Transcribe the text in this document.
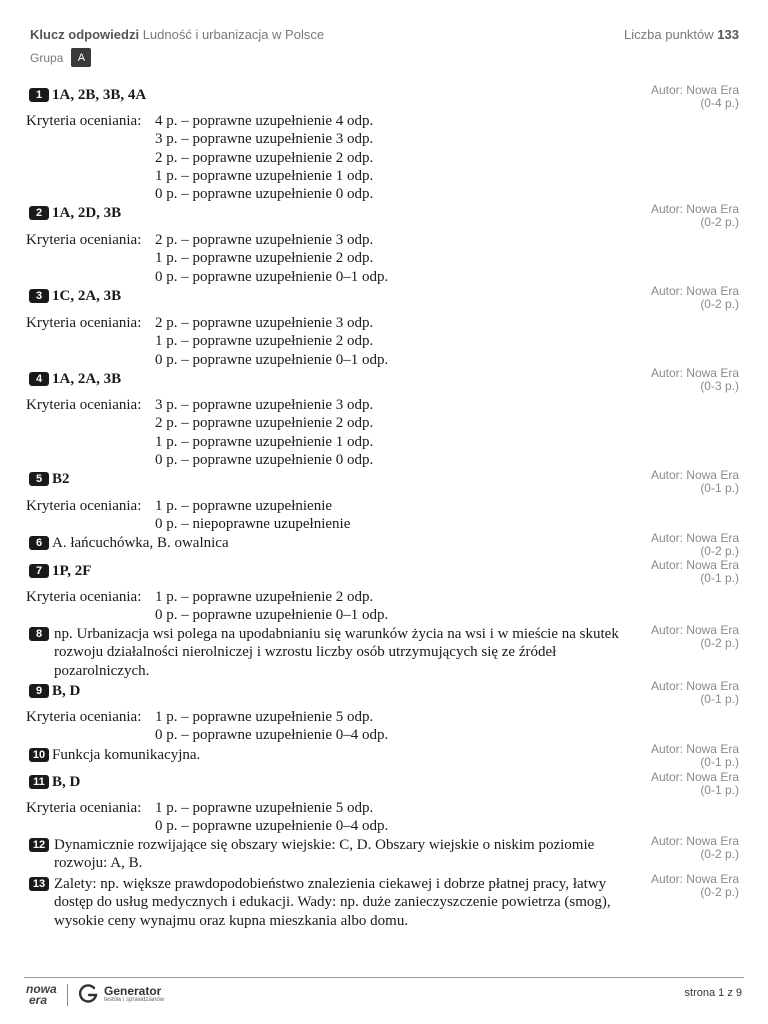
Klucz odpowiedzi Ludność i urbanizacja w Polsce	Liczba punktów 133
Grupa	A
1 1A, 2B, 3B, 4A	Autor: Nowa Era
(0-4 p.)
Kryteria oceniania: 4 p. – poprawne uzupełnienie 4 odp.
3 p. – poprawne uzupełnienie 3 odp.
2 p. – poprawne uzupełnienie 2 odp.
1 p. – poprawne uzupełnienie 1 odp.
0 p. – poprawne uzupełnienie 0 odp.
2 1A, 2D, 3B	Autor: Nowa Era
(0-2 p.)
Kryteria oceniania: 2 p. – poprawne uzupełnienie 3 odp.
1 p. – poprawne uzupełnienie 2 odp.
0 p. – poprawne uzupełnienie 0–1 odp.
3 1C, 2A, 3B	Autor: Nowa Era
(0-2 p.)
Kryteria oceniania: 2 p. – poprawne uzupełnienie 3 odp.
1 p. – poprawne uzupełnienie 2 odp.
0 p. – poprawne uzupełnienie 0–1 odp.
4 1A, 2A, 3B	Autor: Nowa Era
(0-3 p.)
Kryteria oceniania: 3 p. – poprawne uzupełnienie 3 odp.
2 p. – poprawne uzupełnienie 2 odp.
1 p. – poprawne uzupełnienie 1 odp.
0 p. – poprawne uzupełnienie 0 odp.
5 B2	Autor: Nowa Era
(0-1 p.)
Kryteria oceniania: 1 p. – poprawne uzupełnienie
0 p. – niepoprawne uzupełnienie
6 A. łańcuchówka, B. owalnica	Autor: Nowa Era
(0-2 p.)
7 1P, 2F	Autor: Nowa Era
(0-1 p.)
Kryteria oceniania: 1 p. – poprawne uzupełnienie 2 odp.
0 p. – poprawne uzupełnienie 0–1 odp.
8 np. Urbanizacja wsi polega na upodabnianiu się warunków życia na wsi i w mieście na skutek rozwoju działalności nierolniczej i wzrostu liczby osób utrzymujących się ze źródeł pozarolniczych.
Autor: Nowa Era
(0-2 p.)
9 B, D	Autor: Nowa Era
(0-1 p.)
Kryteria oceniania: 1 p. – poprawne uzupełnienie 5 odp.
0 p. – poprawne uzupełnienie 0–4 odp.
10 Funkcja komunikacyjna.	Autor: Nowa Era
(0-1 p.)
11 B, D	Autor: Nowa Era
(0-1 p.)
Kryteria oceniania: 1 p. – poprawne uzupełnienie 5 odp.
0 p. – poprawne uzupełnienie 0–4 odp.
12 Dynamicznie rozwijające się obszary wiejskie: C, D. Obszary wiejskie o niskim poziomie rozwoju: A, B.
Autor: Nowa Era
(0-2 p.)
13 Zalety: np. większe prawdopodobieństwo znalezienia ciekawej i dobrze płatnej pracy, łatwy dostęp do usług medycznych i edukacji. Wady: np. duże zanieczyszczenie powietrza (smog), wysokie ceny wynajmu oraz kupna mieszkania albo domu.
Autor: Nowa Era
(0-2 p.)
nowa
era
Generator
testów i sprawdzianów
strona 1 z 9
